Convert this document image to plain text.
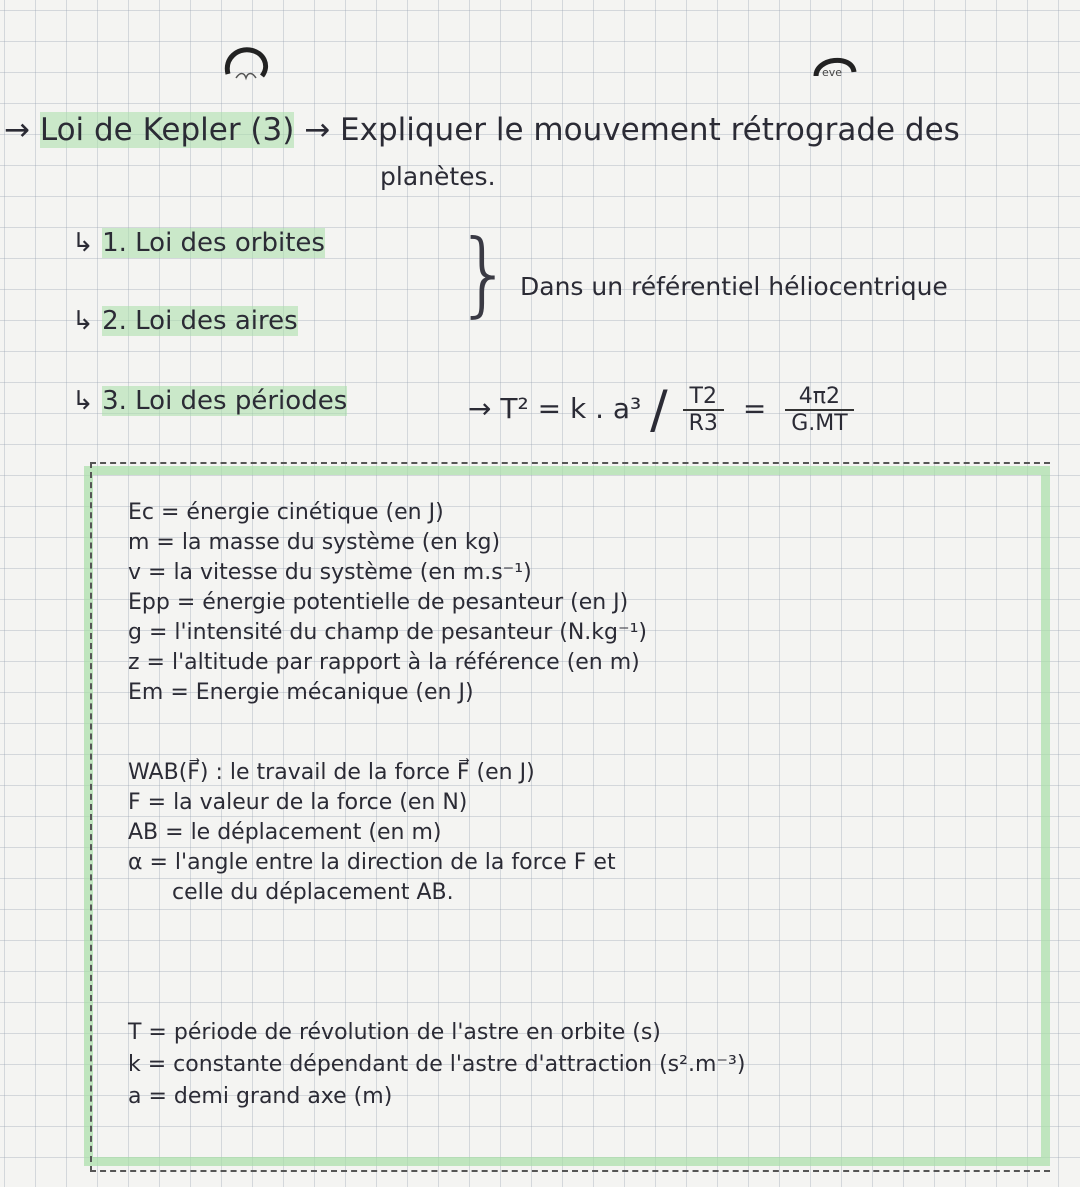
eve
→ Loi de Kepler (3) → Expliquer le mouvement rétrograde des
planètes.
↳ 1. Loi des orbites
↳ 2. Loi des aires } Dans un référentiel héliocentrique
↳ 3. Loi des périodes	→ T² = k . $a^3 / \frac{T2}{R3} = \frac{4\pi 2}{G.MT}$
Ec = énergie cinétique (en J)
m = la masse du système (en kg)
v = la vitesse du système (en m.s⁻¹)
Epp = énergie potentielle de pesanteur (en J)
g = l'intensité du champ de pesanteur (N.kg⁻¹)
z = l'altitude par rapport à la référence (en m)
Em = Energie mécanique (en J)
WAB(F⃗) : le travail de la force F⃗ (en J)
F = la valeur de la force (en N)
AB = le déplacement (en m)
α = l'angle entre la direction de la force F et
celle du déplacement AB.
T = période de révolution de l'astre en orbite (s)
k = constante dépendant de l'astre d'attraction (s².m⁻³)
a = demi grand axe (m)
